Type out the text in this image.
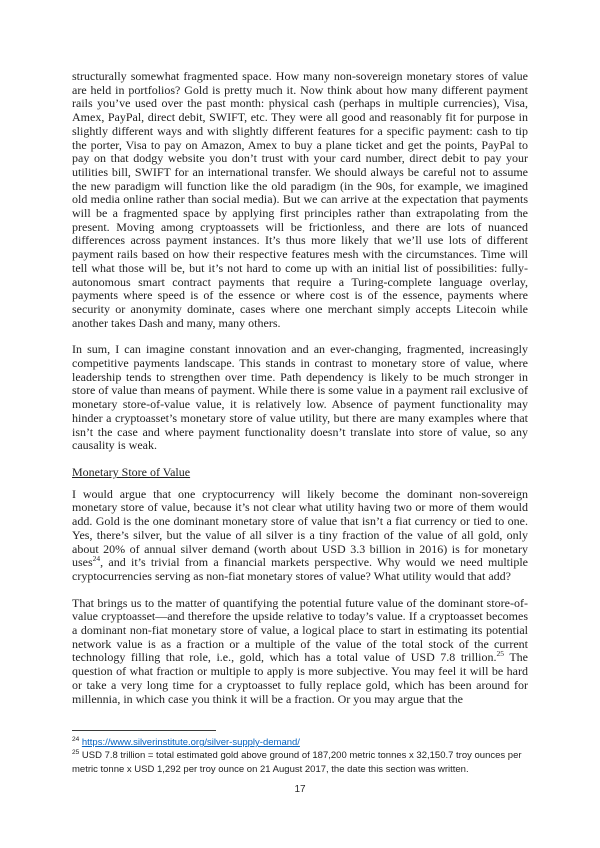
structurally somewhat fragmented space. How many non-sovereign monetary stores of value are held in portfolios? Gold is pretty much it. Now think about how many different payment rails you’ve used over the past month: physical cash (perhaps in multiple currencies), Visa, Amex, PayPal, direct debit, SWIFT, etc. They were all good and reasonably fit for purpose in slightly different ways and with slightly different features for a specific payment: cash to tip the porter, Visa to pay on Amazon, Amex to buy a plane ticket and get the points, PayPal to pay on that dodgy website you don’t trust with your card number, direct debit to pay your utilities bill, SWIFT for an international transfer. We should always be careful not to assume the new paradigm will function like the old paradigm (in the 90s, for example, we imagined old media online rather than social media). But we can arrive at the expectation that payments will be a fragmented space by applying first principles rather than extrapolating from the present. Moving among cryptoassets will be frictionless, and there are lots of nuanced differences across payment instances. It’s thus more likely that we’ll use lots of different payment rails based on how their respective features mesh with the circumstances. Time will tell what those will be, but it’s not hard to come up with an initial list of possibilities: fully-autonomous smart contract payments that require a Turing-complete language overlay, payments where speed is of the essence or where cost is of the essence, payments where security or anonymity dominate, cases where one merchant simply accepts Litecoin while another takes Dash and many, many others.

In sum, I can imagine constant innovation and an ever-changing, fragmented, increasingly competitive payments landscape. This stands in contrast to monetary store of value, where leadership tends to strengthen over time. Path dependency is likely to be much stronger in store of value than means of payment. While there is some value in a payment rail exclusive of monetary store-of-value value, it is relatively low. Absence of payment functionality may hinder a cryptoasset’s monetary store of value utility, but there are many examples where that isn’t the case and where payment functionality doesn’t translate into store of value, so any causality is weak.

Monetary Store of Value

I would argue that one cryptocurrency will likely become the dominant non-sovereign monetary store of value, because it’s not clear what utility having two or more of them would add. Gold is the one dominant monetary store of value that isn’t a fiat currency or tied to one. Yes, there’s silver, but the value of all silver is a tiny fraction of the value of all gold, only about 20% of annual silver demand (worth about USD 3.3 billion in 2016) is for monetary uses$^{24}$, and it’s trivial from a financial markets perspective. Why would we need multiple cryptocurrencies serving as non-fiat monetary stores of value? What utility would that add?

That brings us to the matter of quantifying the potential future value of the dominant store-of-value cryptoasset—and therefore the upside relative to today’s value. If a cryptoasset becomes a dominant non-fiat monetary store of value, a logical place to start in estimating its potential network value is as a fraction or a multiple of the value of the total stock of the current technology filling that role, i.e., gold, which has a total value of USD 7.8 trillion.$^{25}$ The question of what fraction or multiple to apply is more subjective. You may feel it will be hard or take a very long time for a cryptoasset to fully replace gold, which has been around for millennia, in which case you think it will be a fraction. Or you may argue that the

$^{24}$ https://www.silverinstitute.org/silver-supply-demand/

$^{25}$ USD 7.8 trillion = total estimated gold above ground of 187,200 metric tonnes x 32,150.7 troy ounces per metric tonne x USD 1,292 per troy ounce on 21 August 2017, the date this section was written.

17
